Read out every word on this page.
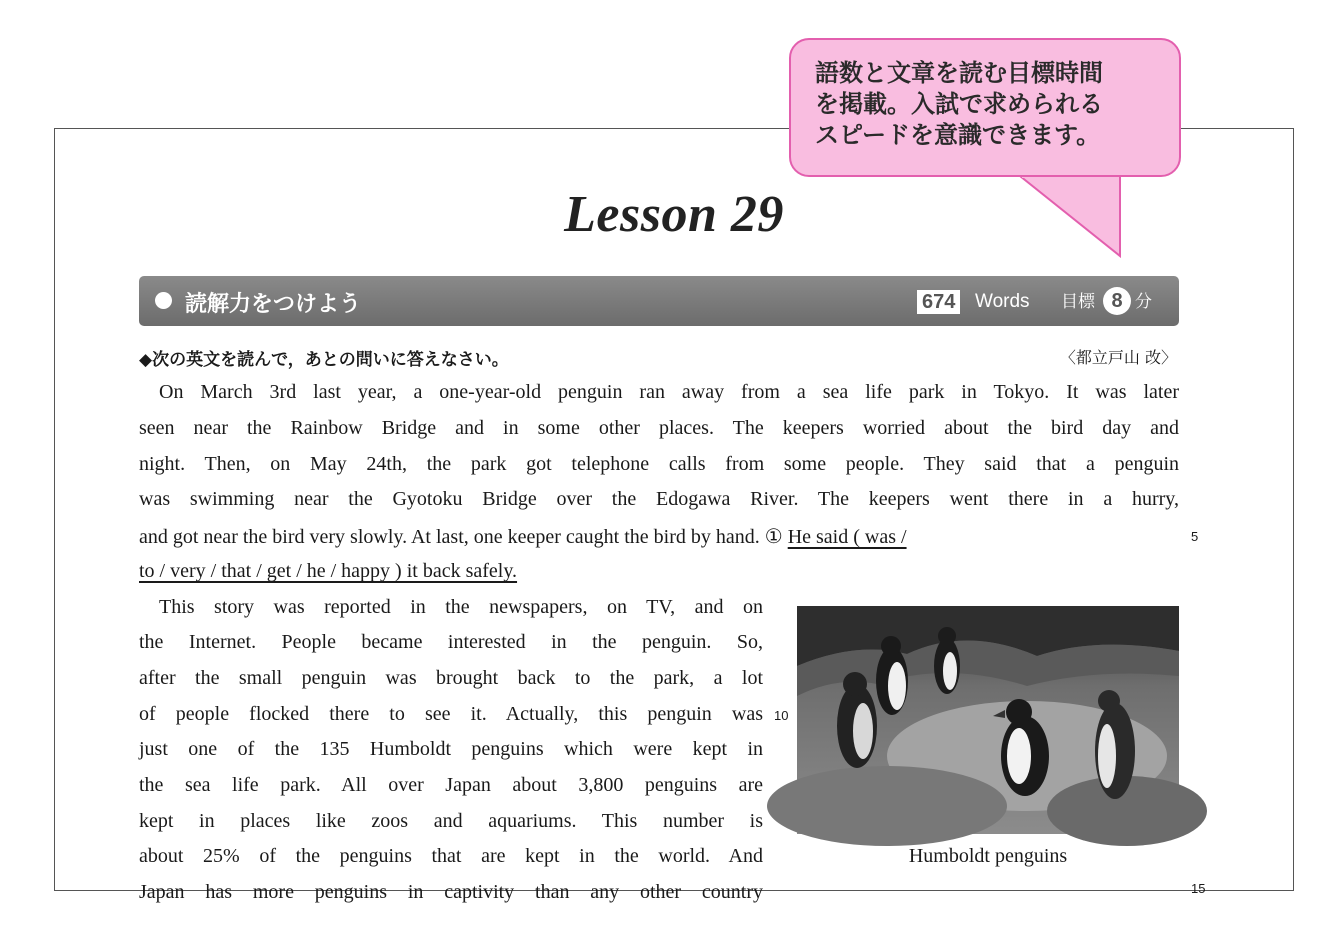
語数と文章を読む目標時間
を掲載。入試で求められる
スピードを意識できます。
Lesson 29
読解力をつけよう	674 Words 目標 8 分
◆次の英文を読んで，あとの問いに答えなさい。	〈都立戸山 改〉
On March 3rd last year, a one-year-old penguin ran away from a sea life park in Tokyo. It was later
seen near the Rainbow Bridge and in some other places. The keepers worried about the bird day and
night. Then, on May 24th, the park got telephone calls from some people. They said that a penguin
was swimming near the Gyotoku Bridge over the Edogawa River. The keepers went there in a hurry,
and got near the bird very slowly. At last, one keeper caught the bird by hand. ① He said ( was /	5
to / very / that / get / he / happy ) it back safely.
This story was reported in the newspapers, on TV, and on
the Internet. People became interested in the penguin. So,
after the small penguin was brought back to the park, a lot
of people flocked there to see it. Actually, this penguin was 10
just one of the 135 Humboldt penguins which were kept in
the sea life park. All over Japan about 3,800 penguins are
kept in places like zoos and aquariums. This number is
about 25% of the penguins that are kept in the world. And
Japan has more penguins in captivity than any other country	15
Humboldt penguins
